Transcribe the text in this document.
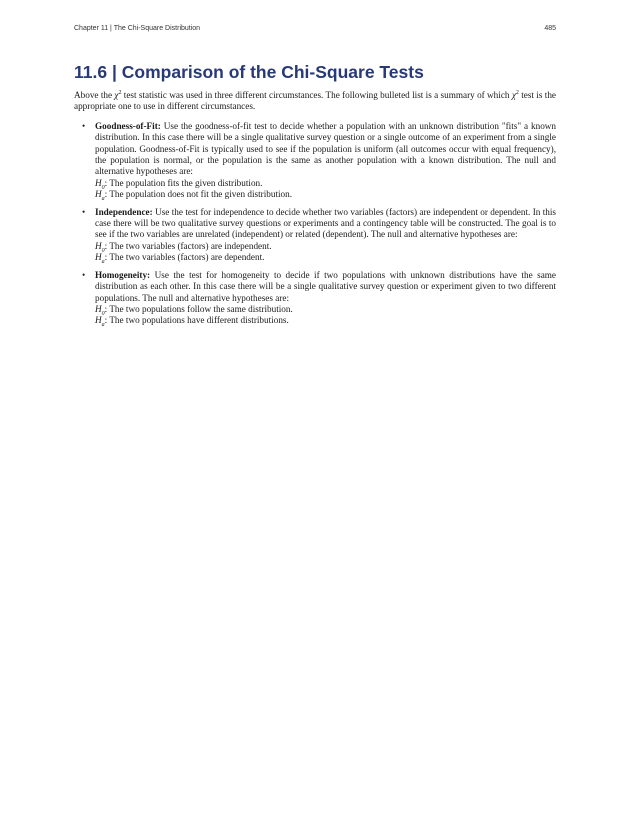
Chapter 11 | The Chi-Square Distribution	485
11.6 | Comparison of the Chi-Square Tests

Above the $\chi^2$ test statistic was used in three different circumstances. The following bulleted list is a summary of which $\chi^2$ test is the appropriate one to use in different circumstances.

• Goodness-of-Fit: Use the goodness-of-fit test to decide whether a population with an unknown distribution "fits" a known distribution. In this case there will be a single qualitative survey question or a single outcome of an experiment from a single population. Goodness-of-Fit is typically used to see if the population is uniform (all outcomes occur with equal frequency), the population is normal, or the population is the same as another population with a known distribution. The null and alternative hypotheses are:
$H_0$: The population fits the given distribution.
$H_a$: The population does not fit the given distribution.
• Independence: Use the test for independence to decide whether two variables (factors) are independent or dependent. In this case there will be two qualitative survey questions or experiments and a contingency table will be constructed. The goal is to see if the two variables are unrelated (independent) or related (dependent). The null and alternative hypotheses are:
$H_0$: The two variables (factors) are independent.
$H_a$: The two variables (factors) are dependent.
• Homogeneity: Use the test for homogeneity to decide if two populations with unknown distributions have the same distribution as each other. In this case there will be a single qualitative survey question or experiment given to two different populations. The null and alternative hypotheses are:
$H_0$: The two populations follow the same distribution.
$H_a$: The two populations have different distributions.
